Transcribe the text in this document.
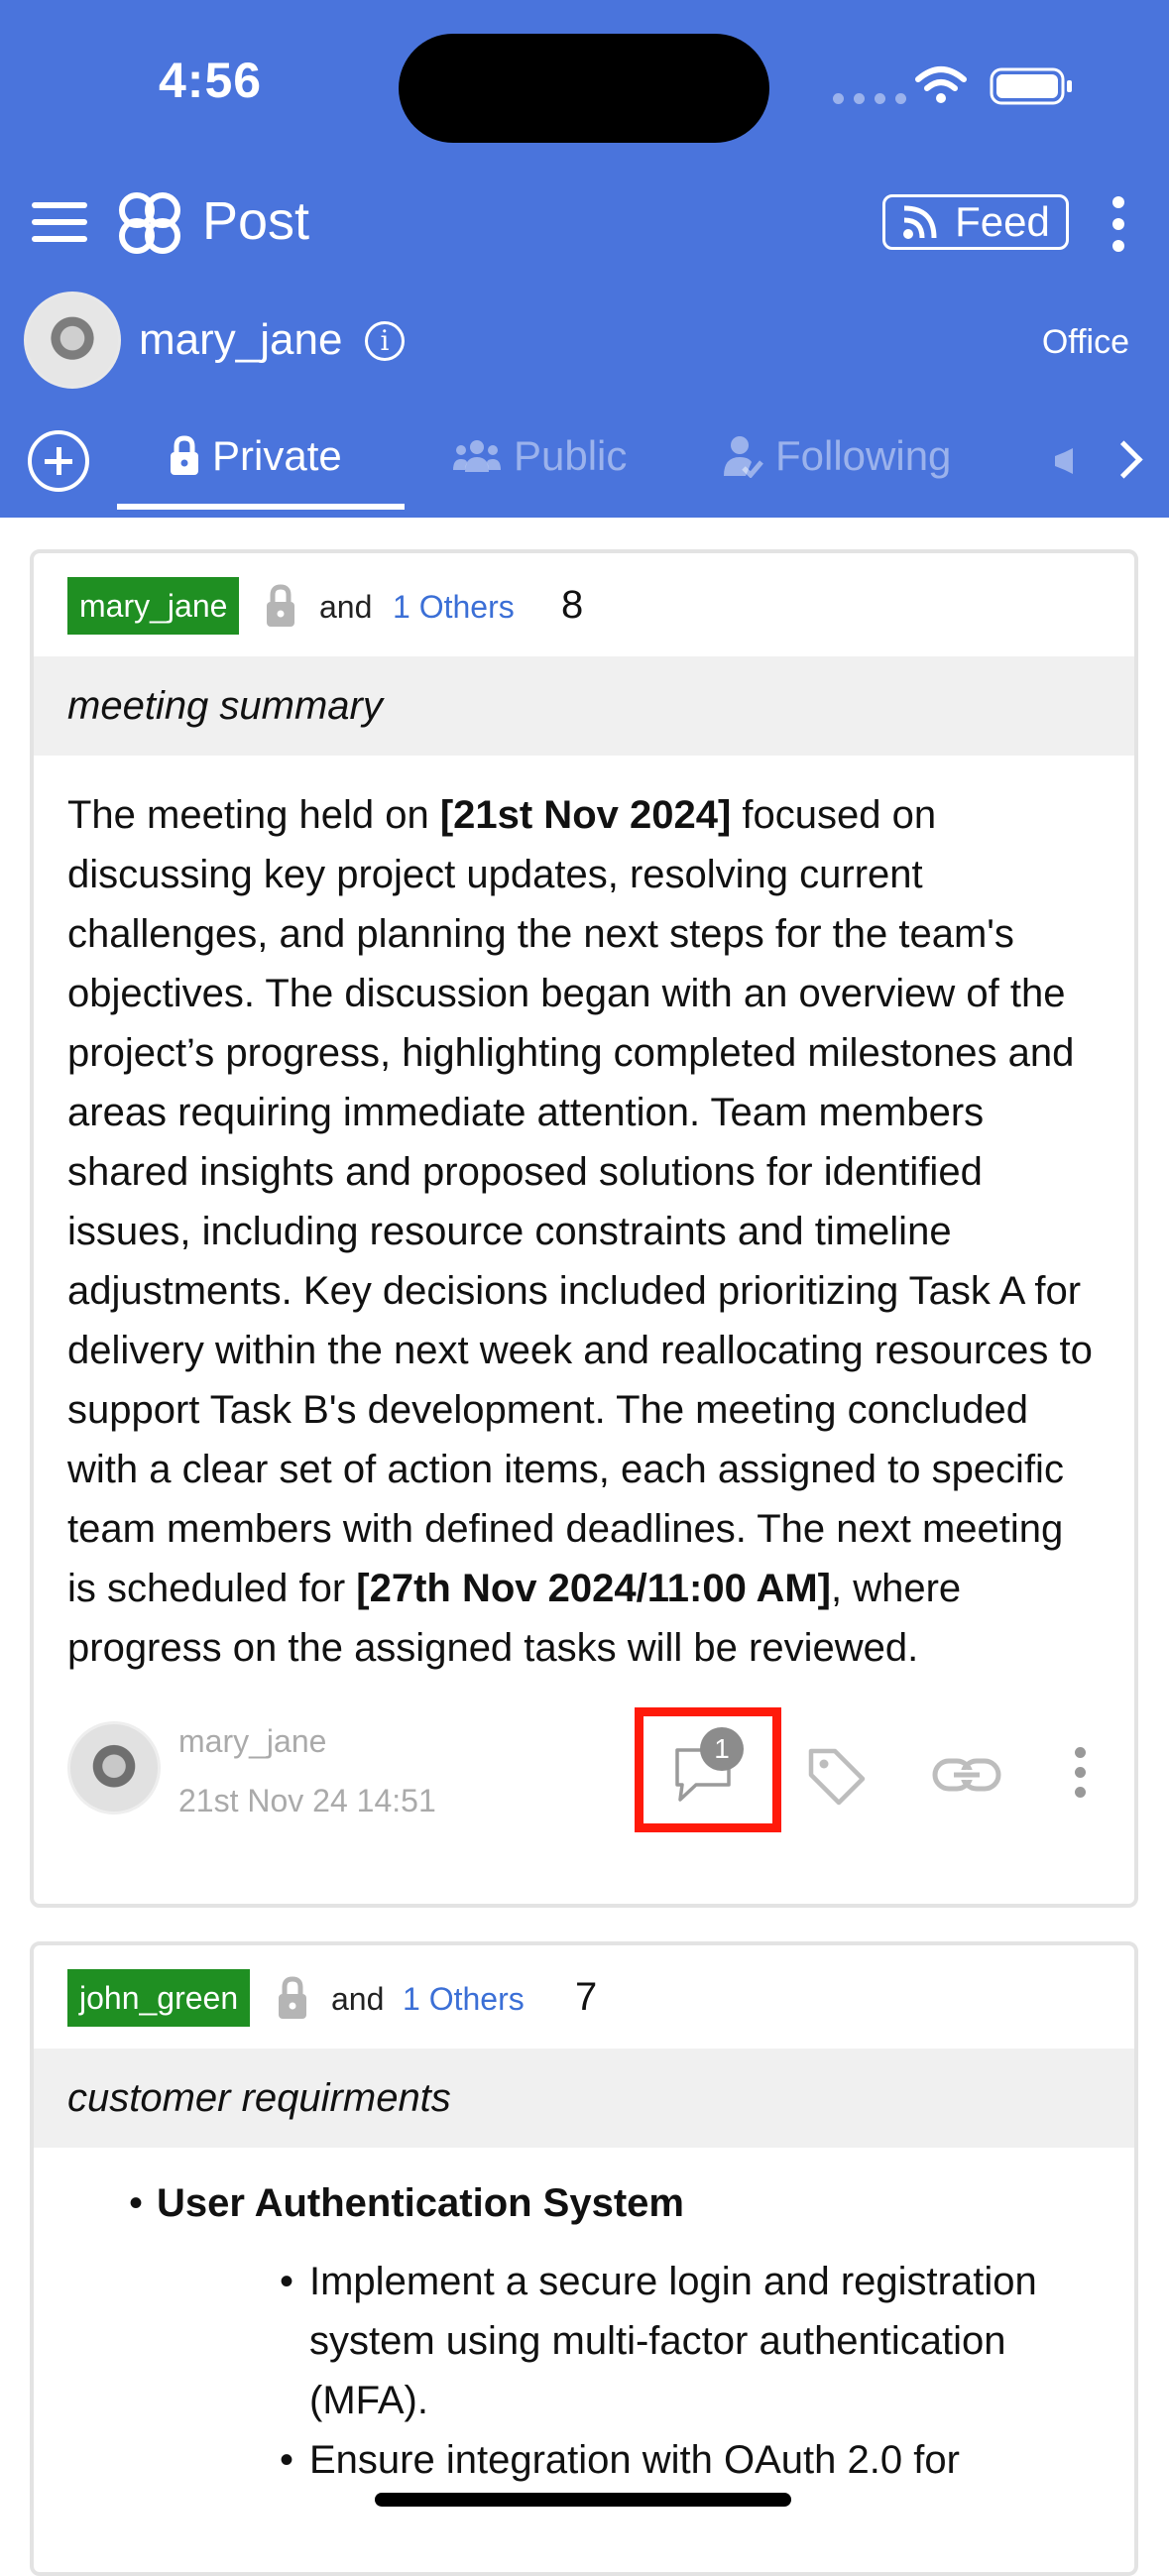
4:56
Post	Feed
mary_jane	i	Office
Private	Public	Following
mary_jane	and 1 Others 8
meeting summary
The meeting held on [21st Nov 2024] focused on discussing key project updates, resolving current challenges, and planning the next steps for the team's objectives. The discussion began with an overview of the project’s progress, highlighting completed milestones and areas requiring immediate attention. Team members shared insights and proposed solutions for identified issues, including resource constraints and timeline adjustments. Key decisions included prioritizing Task A for delivery within the next week and reallocating resources to support Task B's development. The meeting concluded with a clear set of action items, each assigned to specific team members with defined deadlines. The next meeting is scheduled for [27th Nov 2024/11:00 AM], where progress on the assigned tasks will be reviewed.
mary_jane
21st Nov 24 14:51
1
john_green	and 1 Others 7
customer requirments
• User Authentication System
• Implement a secure login and registration system using multi-factor authentication (MFA).
• Ensure integration with OAuth 2.0 for
